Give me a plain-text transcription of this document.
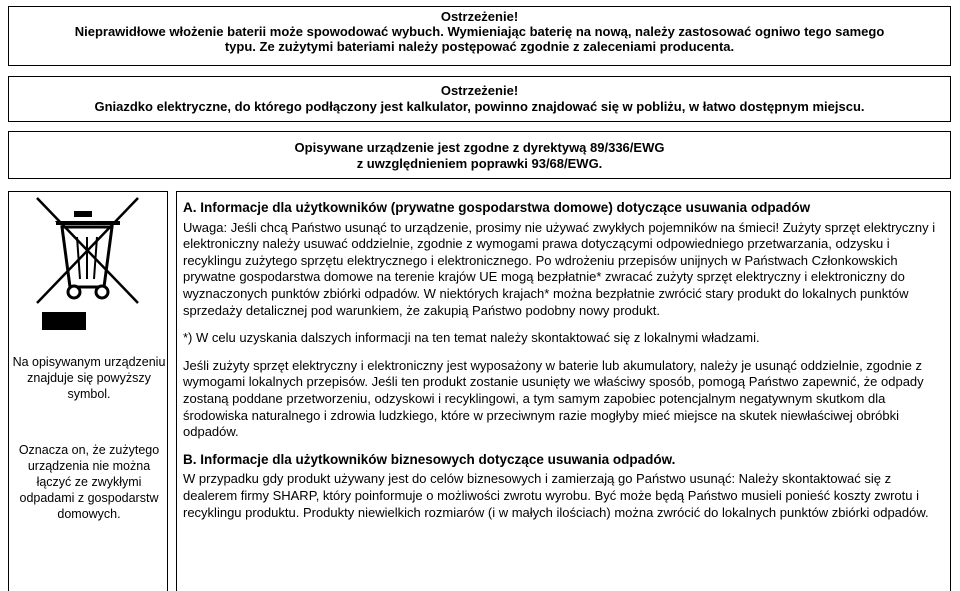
Ostrzeżenie!
Nieprawidłowe włożenie baterii może spowodować wybuch. Wymieniając baterię na nową, należy zastosować ogniwo tego samego
typu. Ze zużytymi bateriami należy postępować zgodnie z zaleceniami producenta.
Ostrzeżenie!
Gniazdko elektryczne, do którego podłączony jest kalkulator, powinno znajdować się w pobliżu, w łatwo dostępnym miejscu.
Opisywane urządzenie jest zgodne z dyrektywą 89/336/EWG
z uwzględnieniem poprawki 93/68/EWG.
Na opisywanym urządzeniu znajduje się powyższy symbol.
Oznacza on, że zużytego urządzenia nie można łączyć ze zwykłymi odpadami z gospodarstw domowych.

A. Informacje dla użytkowników (prywatne gospodarstwa domowe) dotyczące usuwania odpadów

Uwaga: Jeśli chcą Państwo usunąć to urządzenie, prosimy nie używać zwykłych pojemników na śmieci! Zużyty sprzęt elektryczny i elektroniczny należy usuwać oddzielnie, zgodnie z wymogami prawa dotyczącymi odpowiedniego przetwarzania, odzysku i recyklingu zużytego sprzętu elektrycznego i elektronicznego. Po wdrożeniu przepisów unijnych w Państwach Członkowskich prywatne gospodarstwa domowe na terenie krajów UE mogą bezpłatnie* zwracać zużyty sprzęt elektryczny i elektroniczny do wyznaczonych punktów zbiórki odpadów. W niektórych krajach* można bezpłatnie zwrócić stary produkt do lokalnych punktów sprzedaży detalicznej pod warunkiem, że zakupią Państwo podobny nowy produkt.

*) W celu uzyskania dalszych informacji na ten temat należy skontaktować się z lokalnymi władzami.

Jeśli zużyty sprzęt elektryczny i elektroniczny jest wyposażony w baterie lub akumulatory, należy je usunąć oddzielnie, zgodnie z wymogami lokalnych przepisów. Jeśli ten produkt zostanie usunięty we właściwy sposób, pomogą Państwo zapewnić, że odpady zostaną poddane przetworzeniu, odzyskowi i recyklingowi, a tym samym zapobiec potencjalnym negatywnym skutkom dla środowiska naturalnego i zdrowia ludzkiego, które w przeciwnym razie mogłyby mieć miejsce na skutek niewłaściwej obróbki odpadów.

B. Informacje dla użytkowników biznesowych dotyczące usuwania odpadów.

W przypadku gdy produkt używany jest do celów biznesowych i zamierzają go Państwo usunąć: Należy skontaktować się z dealerem firmy SHARP, który poinformuje o możliwości zwrotu wyrobu. Być może będą Państwo musieli ponieść koszty zwrotu i recyklingu produktu. Produkty niewielkich rozmiarów (i w małych ilościach) można zwrócić do lokalnych punktów zbiórki odpadów.
